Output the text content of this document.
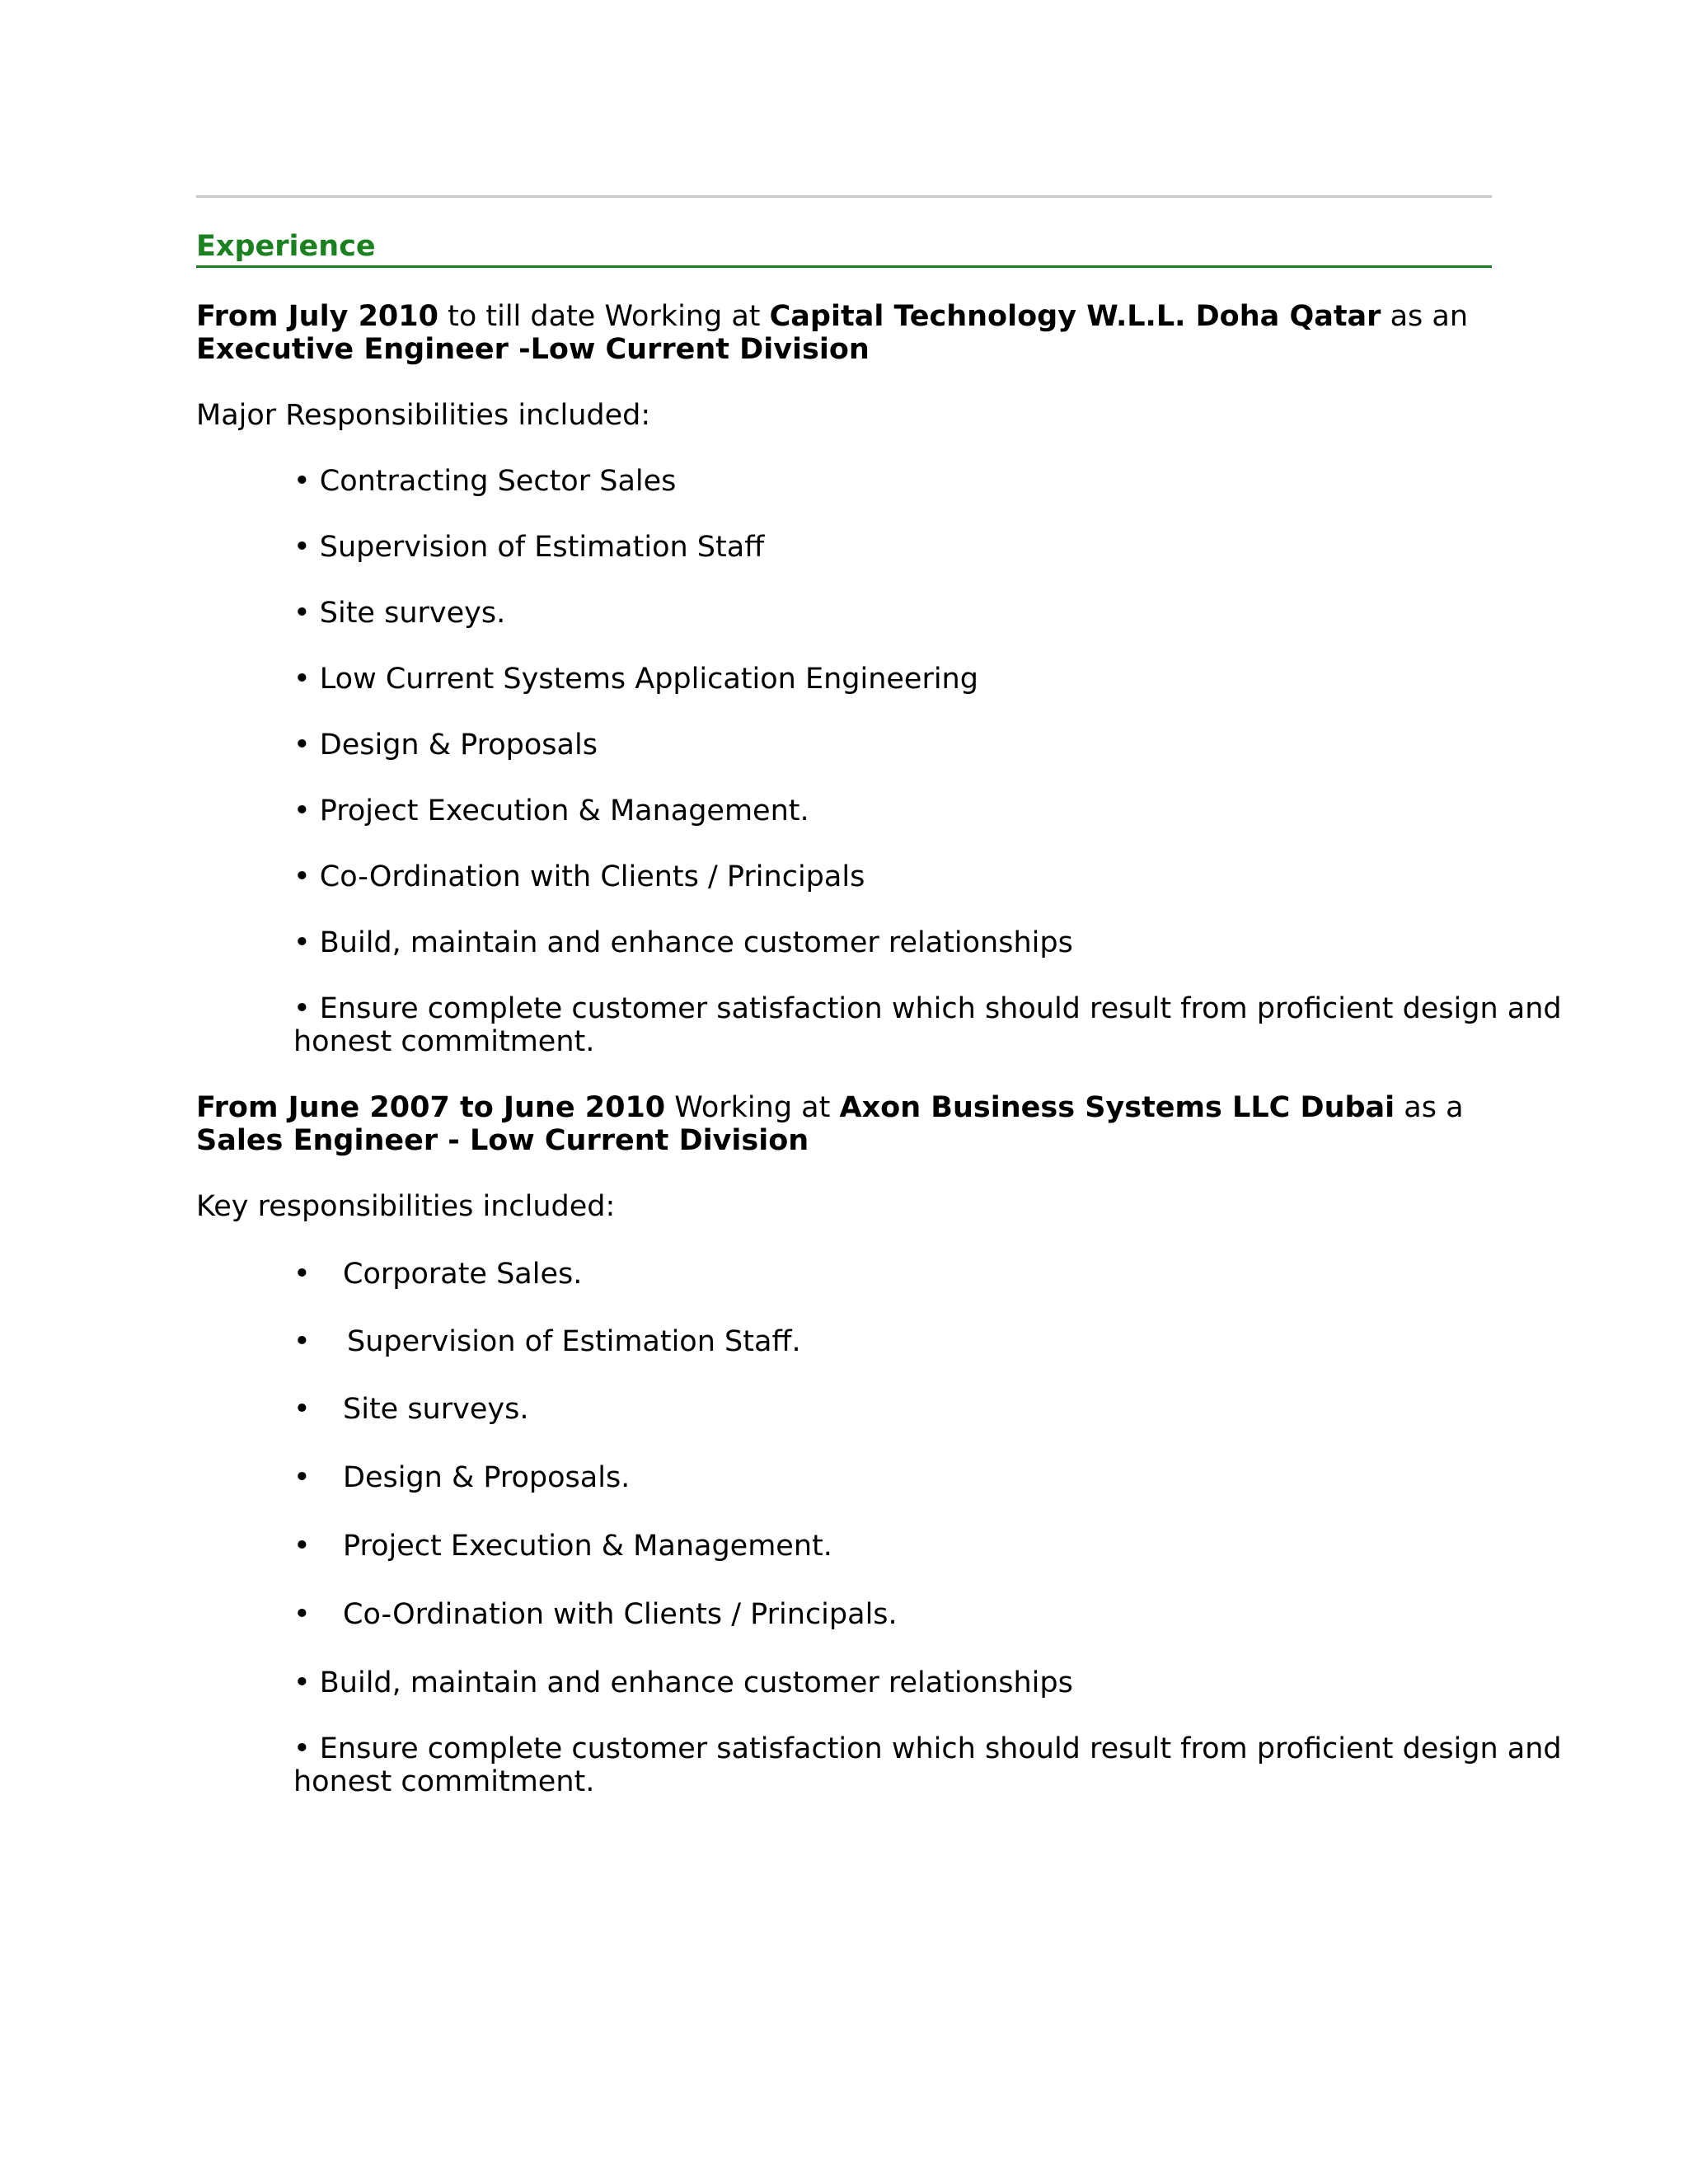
Experience
From July 2010 to till date Working at Capital Technology W.L.L. Doha Qatar as an
Executive Engineer -Low Current Division
Major Responsibilities included:
• Contracting Sector Sales
• Supervision of Estimation Staff
• Site surveys.
• Low Current Systems Application Engineering
• Design & Proposals
• Project Execution & Management.
• Co-Ordination with Clients / Principals
• Build, maintain and enhance customer relationships
• Ensure complete customer satisfaction which should result from proficient design and
honest commitment.
From June 2007 to June 2010 Working at Axon Business Systems LLC Dubai as a
Sales Engineer - Low Current Division
Key responsibilities included:
• Corporate Sales.
• Supervision of Estimation Staff.
• Site surveys.
• Design & Proposals.
• Project Execution & Management.
• Co-Ordination with Clients / Principals.
• Build, maintain and enhance customer relationships
• Ensure complete customer satisfaction which should result from proficient design and
honest commitment.
